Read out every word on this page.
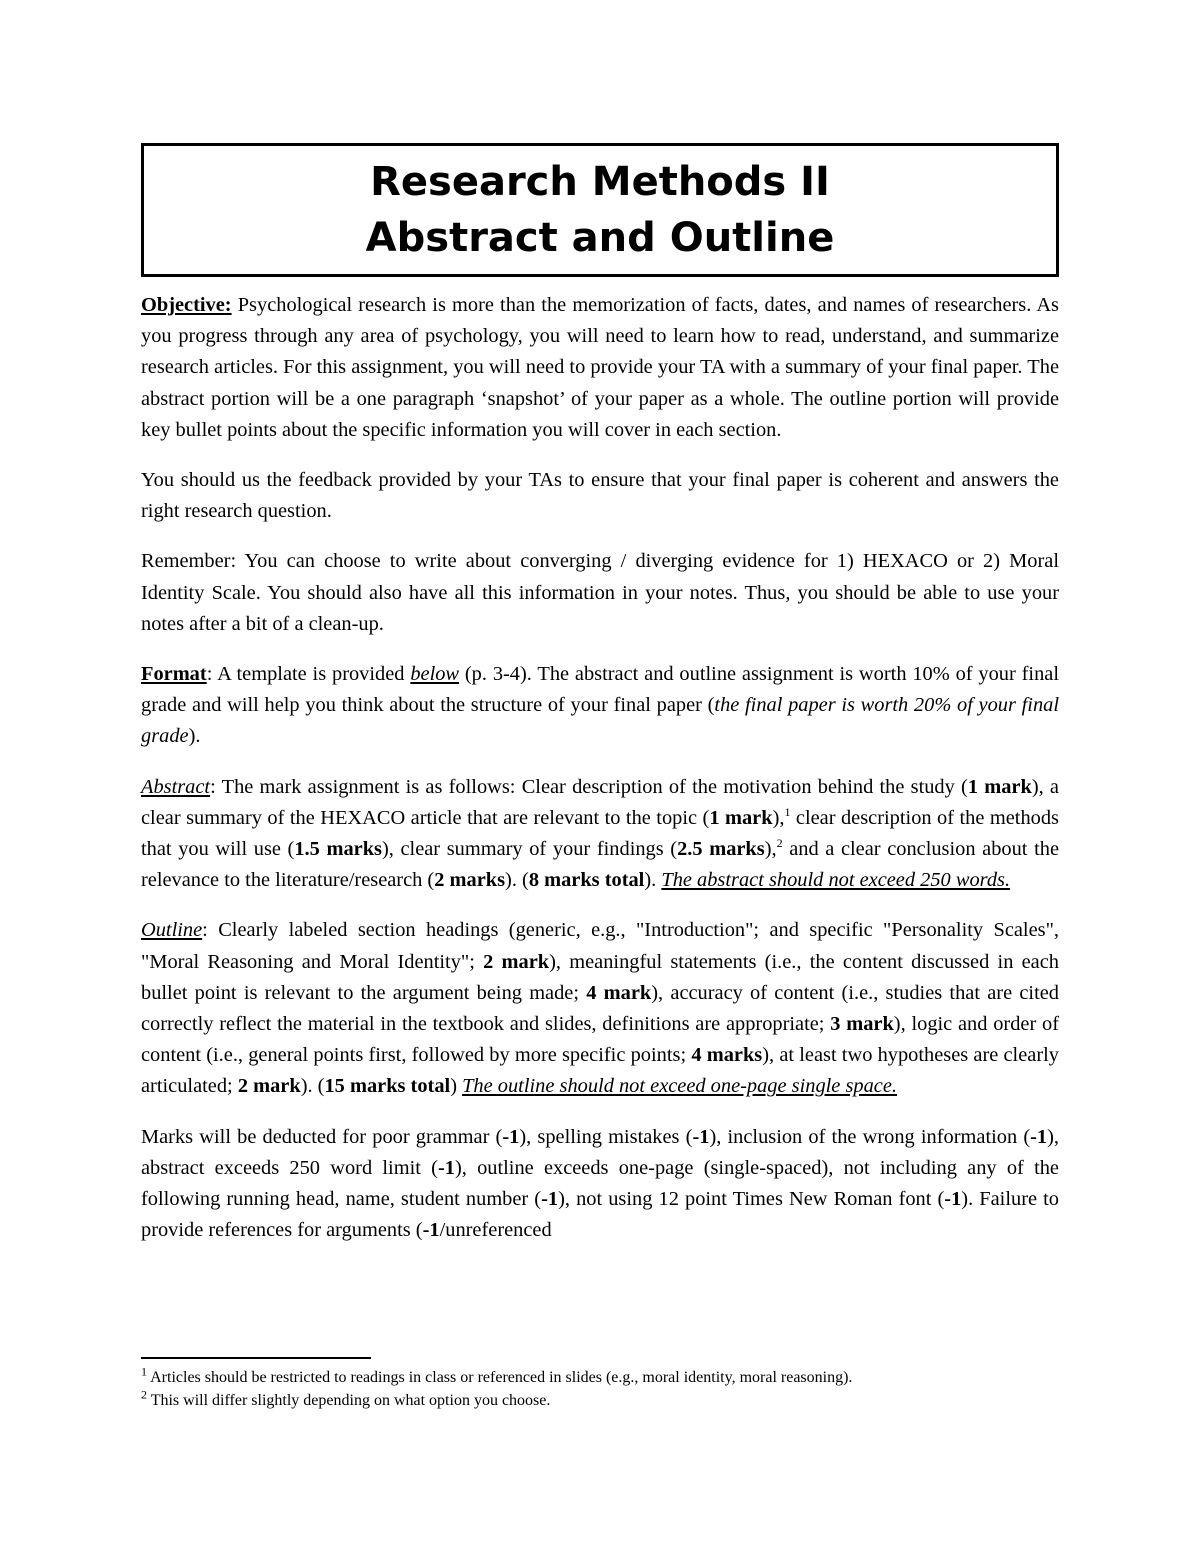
Research Methods II
Abstract and Outline

Objective: Psychological research is more than the memorization of facts, dates, and names of researchers. As you progress through any area of psychology, you will need to learn how to read, understand, and summarize research articles. For this assignment, you will need to provide your TA with a summary of your final paper. The abstract portion will be a one paragraph ‘snapshot’ of your paper as a whole. The outline portion will provide key bullet points about the specific information you will cover in each section.

You should us the feedback provided by your TAs to ensure that your final paper is coherent and answers the right research question.

Remember: You can choose to write about converging / diverging evidence for 1) HEXACO or 2) Moral Identity Scale. You should also have all this information in your notes. Thus, you should be able to use your notes after a bit of a clean-up.

Format: A template is provided below (p. 3-4). The abstract and outline assignment is worth 10% of your final grade and will help you think about the structure of your final paper (the final paper is worth 20% of your final grade).

Abstract: The mark assignment is as follows: Clear description of the motivation behind the study (1 mark), a clear summary of the HEXACO article that are relevant to the topic (1 mark),$^1$ clear description of the methods that you will use (1.5 marks), clear summary of your findings (2.5 marks),$^2$ and a clear conclusion about the relevance to the literature/research (2 marks). (8 marks total). The abstract should not exceed 250 words.

Outline: Clearly labeled section headings (generic, e.g., "Introduction"; and specific "Personality Scales", "Moral Reasoning and Moral Identity"; 2 mark), meaningful statements (i.e., the content discussed in each bullet point is relevant to the argument being made; 4 mark), accuracy of content (i.e., studies that are cited correctly reflect the material in the textbook and slides, definitions are appropriate; 3 mark), logic and order of content (i.e., general points first, followed by more specific points; 4 marks), at least two hypotheses are clearly articulated; 2 mark). (15 marks total) The outline should not exceed one-page single space.

Marks will be deducted for poor grammar (-1), spelling mistakes (-1), inclusion of the wrong information (-1), abstract exceeds 250 word limit (-1), outline exceeds one-page (single-spaced), not including any of the following running head, name, student number (-1), not using 12 point Times New Roman font (-1). Failure to provide references for arguments (-1/unreferenced

$^1$ Articles should be restricted to readings in class or referenced in slides (e.g., moral identity, moral reasoning).
$^2$ This will differ slightly depending on what option you choose.
